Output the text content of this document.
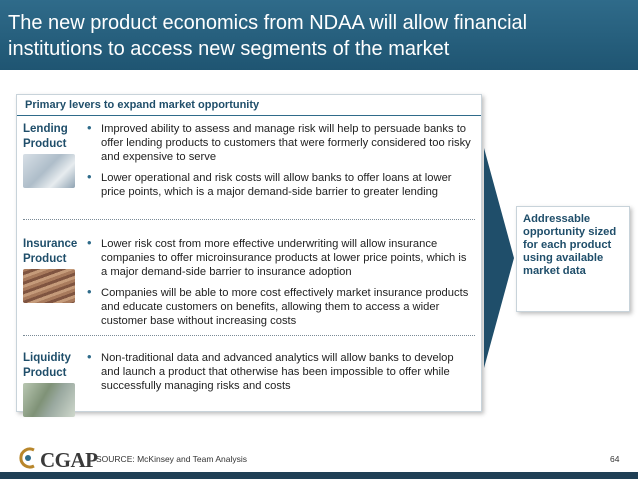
The new product economics from NDAA will allow financial
institutions to access new segments of the market
Primary levers to expand market opportunity
Lending
Product
• Improved ability to assess and manage risk will help to persuade banks to offer lending products to customers that were formerly considered too risky and expensive to serve
• Lower operational and risk costs will allow banks to offer loans at lower price points, which is a major demand-side barrier to greater lending
Insurance
Product
• Lower risk cost from more effective underwriting will allow insurance companies to offer microinsurance products at lower price points, which is a major demand-side barrier to insurance adoption
• Companies will be able to more cost effectively market insurance products and educate customers on benefits, allowing them to access a wider customer base without increasing costs
Liquidity
Product
• Non-traditional data and advanced analytics will allow banks to develop and launch a product that otherwise has been impossible to offer while successfully managing risks and costs
Addressable opportunity sized for each product using available market data
CGAP
SOURCE: McKinsey and Team Analysis	64
